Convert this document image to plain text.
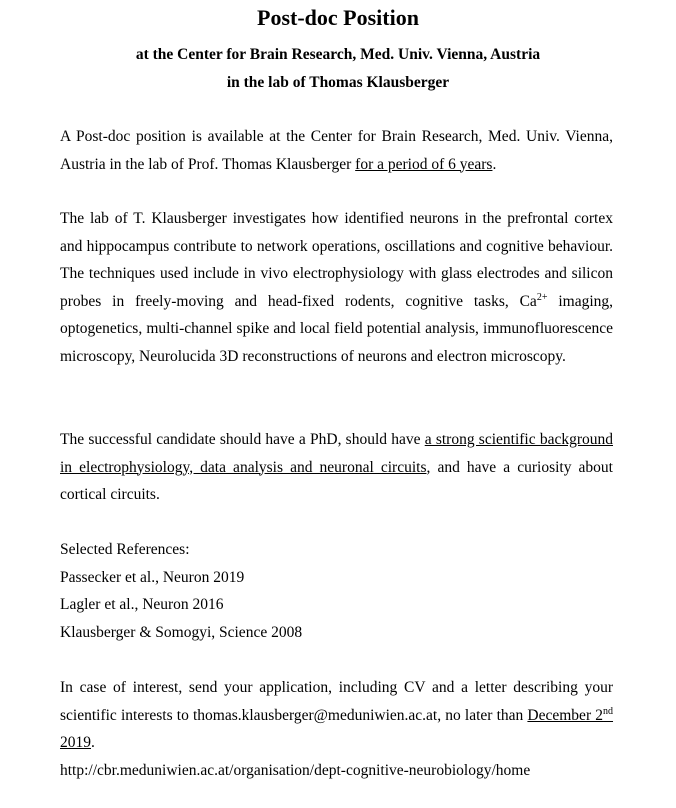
Post-doc Position
at the Center for Brain Research, Med. Univ. Vienna, Austria
in the lab of Thomas Klausberger
A Post-doc position is available at the Center for Brain Research, Med. Univ. Vienna, Austria in the lab of Prof. Thomas Klausberger for a period of 6 years.
The lab of T. Klausberger investigates how identified neurons in the prefrontal cortex and hippocampus contribute to network operations, oscillations and cognitive behaviour. The techniques used include in vivo electrophysiology with glass electrodes and silicon probes in freely-moving and head-fixed rodents, cognitive tasks, $Ca^{2+}$ imaging, optogenetics, multi-channel spike and local field potential analysis, immunofluorescence microscopy, Neurolucida 3D reconstructions of neurons and electron microscopy.
The successful candidate should have a PhD, should have a strong scientific background in electrophysiology, data analysis and neuronal circuits, and have a curiosity about cortical circuits.
Selected References:
Passecker et al., Neuron 2019
Lagler et al., Neuron 2016
Klausberger & Somogyi, Science 2008
In case of interest, send your application, including CV and a letter describing your scientific interests to thomas.klausberger@meduniwien.ac.at, no later than December 2nd 2019.
http://cbr.meduniwien.ac.at/organisation/dept-cognitive-neurobiology/home
